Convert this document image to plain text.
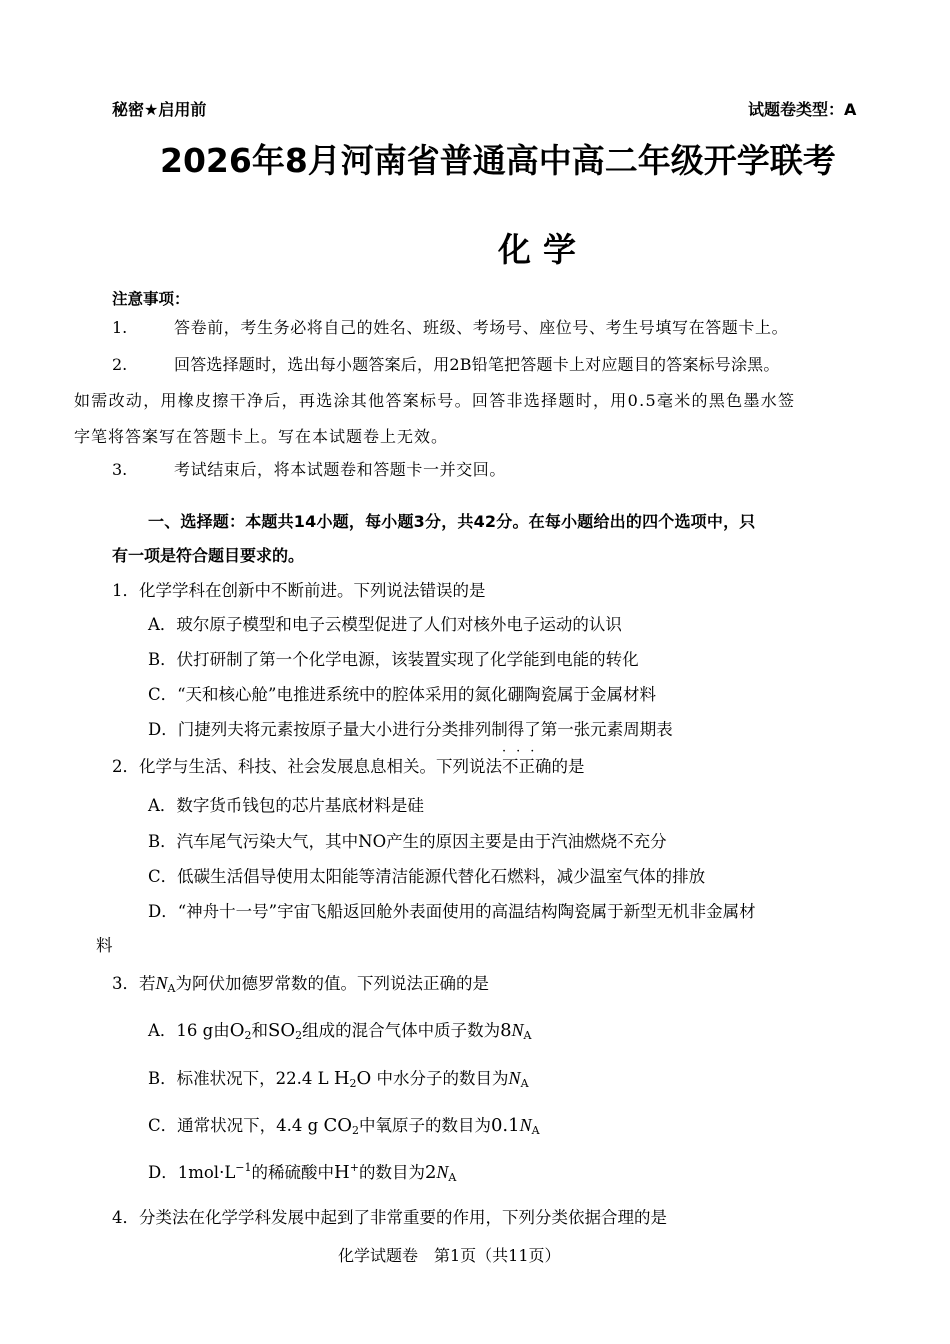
秘密★启用前	试题卷类型：A
2026年8月河南省普通高中高二年级开学联考
化学
注意事项：
1.	答卷前，考生务必将自己的姓名、班级、考场号、座位号、考生号填写在答题卡上。
2.	回答选择题时，选出每小题答案后，用2B铅笔把答题卡上对应题目的答案标号涂黑。
如需改动，用橡皮擦干净后，再选涂其他答案标号。回答非选择题时，用0.5毫米的黑色墨水签
字笔将答案写在答题卡上。写在本试题卷上无效。
3.	考试结束后，将本试题卷和答题卡一并交回。
一、选择题：本题共14小题，每小题3分，共42分。在每小题给出的四个选项中，只
有一项是符合题目要求的。
1．化学学科在创新中不断前进。下列说法错误的是
A．玻尔原子模型和电子云模型促进了人们对核外电子运动的认识
B．伏打研制了第一个化学电源，该装置实现了化学能到电能的转化
C．“天和核心舱”电推进系统中的腔体采用的氮化硼陶瓷属于金属材料
D．门捷列夫将元素按原子量大小进行分类排列制得了第一张元素周期表
2．化学与生活、科技、社会发展息息相关。下列说法
···
不正确的是
A．数字货币钱包的芯片基底材料是硅
B．汽车尾气污染大气，其中NO产生的原因主要是由于汽油燃烧不充分
C．低碳生活倡导使用太阳能等清洁能源代替化石燃料，减少温室气体的排放
D．“神舟十一号”宇宙飞船返回舱外表面使用的高温结构陶瓷属于新型无机非金属材
料
3．若$N_A$为阿伏加德罗常数的值。下列说法正确的是
A．16 g由$O_2$和$SO_2$组成的混合气体中质子数为$8N_A$
B．标准状况下，22.4 L $H_2O$ 中水分子的数目为$N_A$
C．通常状况下，4.4 g $CO_2$中氧原子的数目为$0.1N_A$
D．$1mol\cdot L^{-1}$的稀硫酸中H+的数目为$2N_A$
4．分类法在化学学科发展中起到了非常重要的作用，下列分类依据合理的是
化学试题卷　第1页（共11页）
